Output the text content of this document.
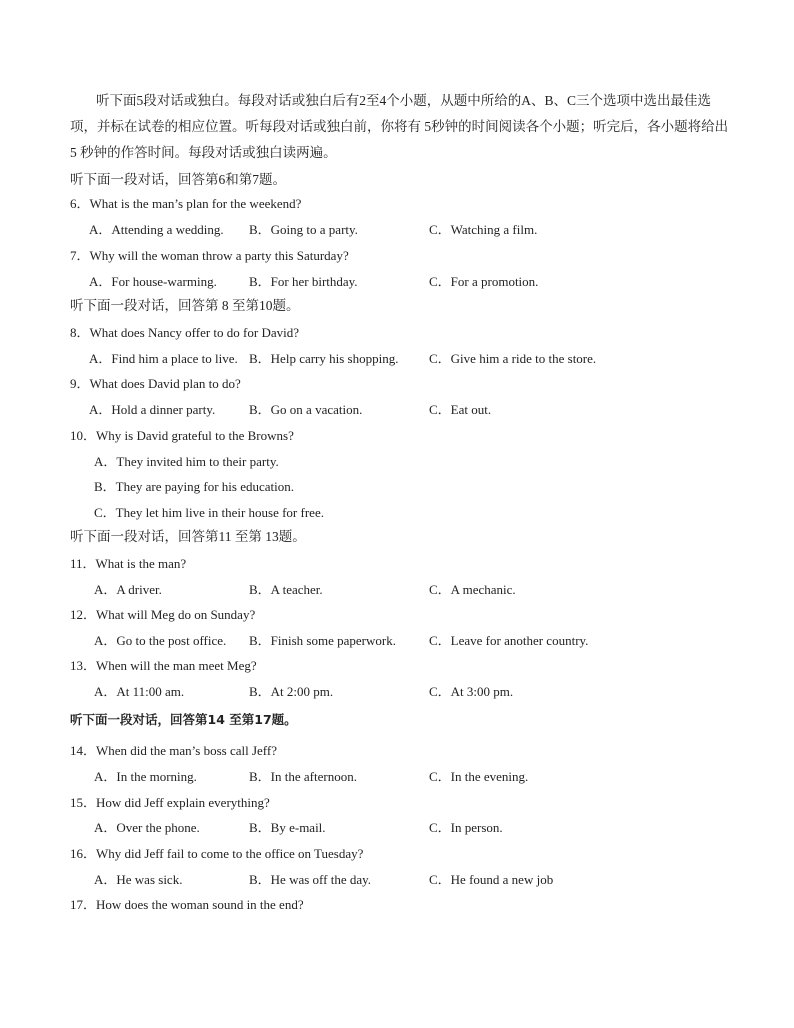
听下面5段对话或独白。每段对话或独白后有2至4个小题，从题中所给的A、B、C三个选项中选出最佳选项，并标在试卷的相应位置。听每段对话或独白前，你将有 5秒钟的时间阅读各个小题；听完后，各小题将给出 5 秒钟的作答时间。每段对话或独白读两遍。
听下面一段对话，回答第6和第7题。
6．What is the man’s plan for the weekend?
A．Attending a wedding. B．Going to a party.	C．Watching a film.
7．Why will the woman throw a party this Saturday?
A．For house-warming. B．For her birthday.	C．For a promotion.
听下面一段对话，回答第 8 至第10题。
8．What does Nancy offer to do for David?
A．Find him a place to live. B．Help carry his shopping. C．Give him a ride to the store.
9．What does David plan to do?
A．Hold a dinner party.	B．Go on a vacation.	C．Eat out.
10．Why is David grateful to the Browns?
A．They invited him to their party.
B．They are paying for his education.
C．They let him live in their house for free.
听下面一段对话，回答第11 至第 13题。
11．What is the man?
A．A driver.	B．A teacher.	C．A mechanic.
12．What will Meg do on Sunday?
A．Go to the post office. B．Finish some paperwork.	C．Leave for another country.
13．When will the man meet Meg?
A．At 11:00 am.	B．At 2:00 pm.	C．At 3:00 pm.
听下面一段对话，回答第14 至第17题。
14．When did the man’s boss call Jeff?
A．In the morning.	B．In the afternoon.	C．In the evening.
15．How did Jeff explain everything?
A．Over the phone.	B．By e-mail.	C．In person.
16．Why did Jeff fail to come to the office on Tuesday?
A．He was sick.	B．He was off the day.	C．He found a new job
17．How does the woman sound in the end?
